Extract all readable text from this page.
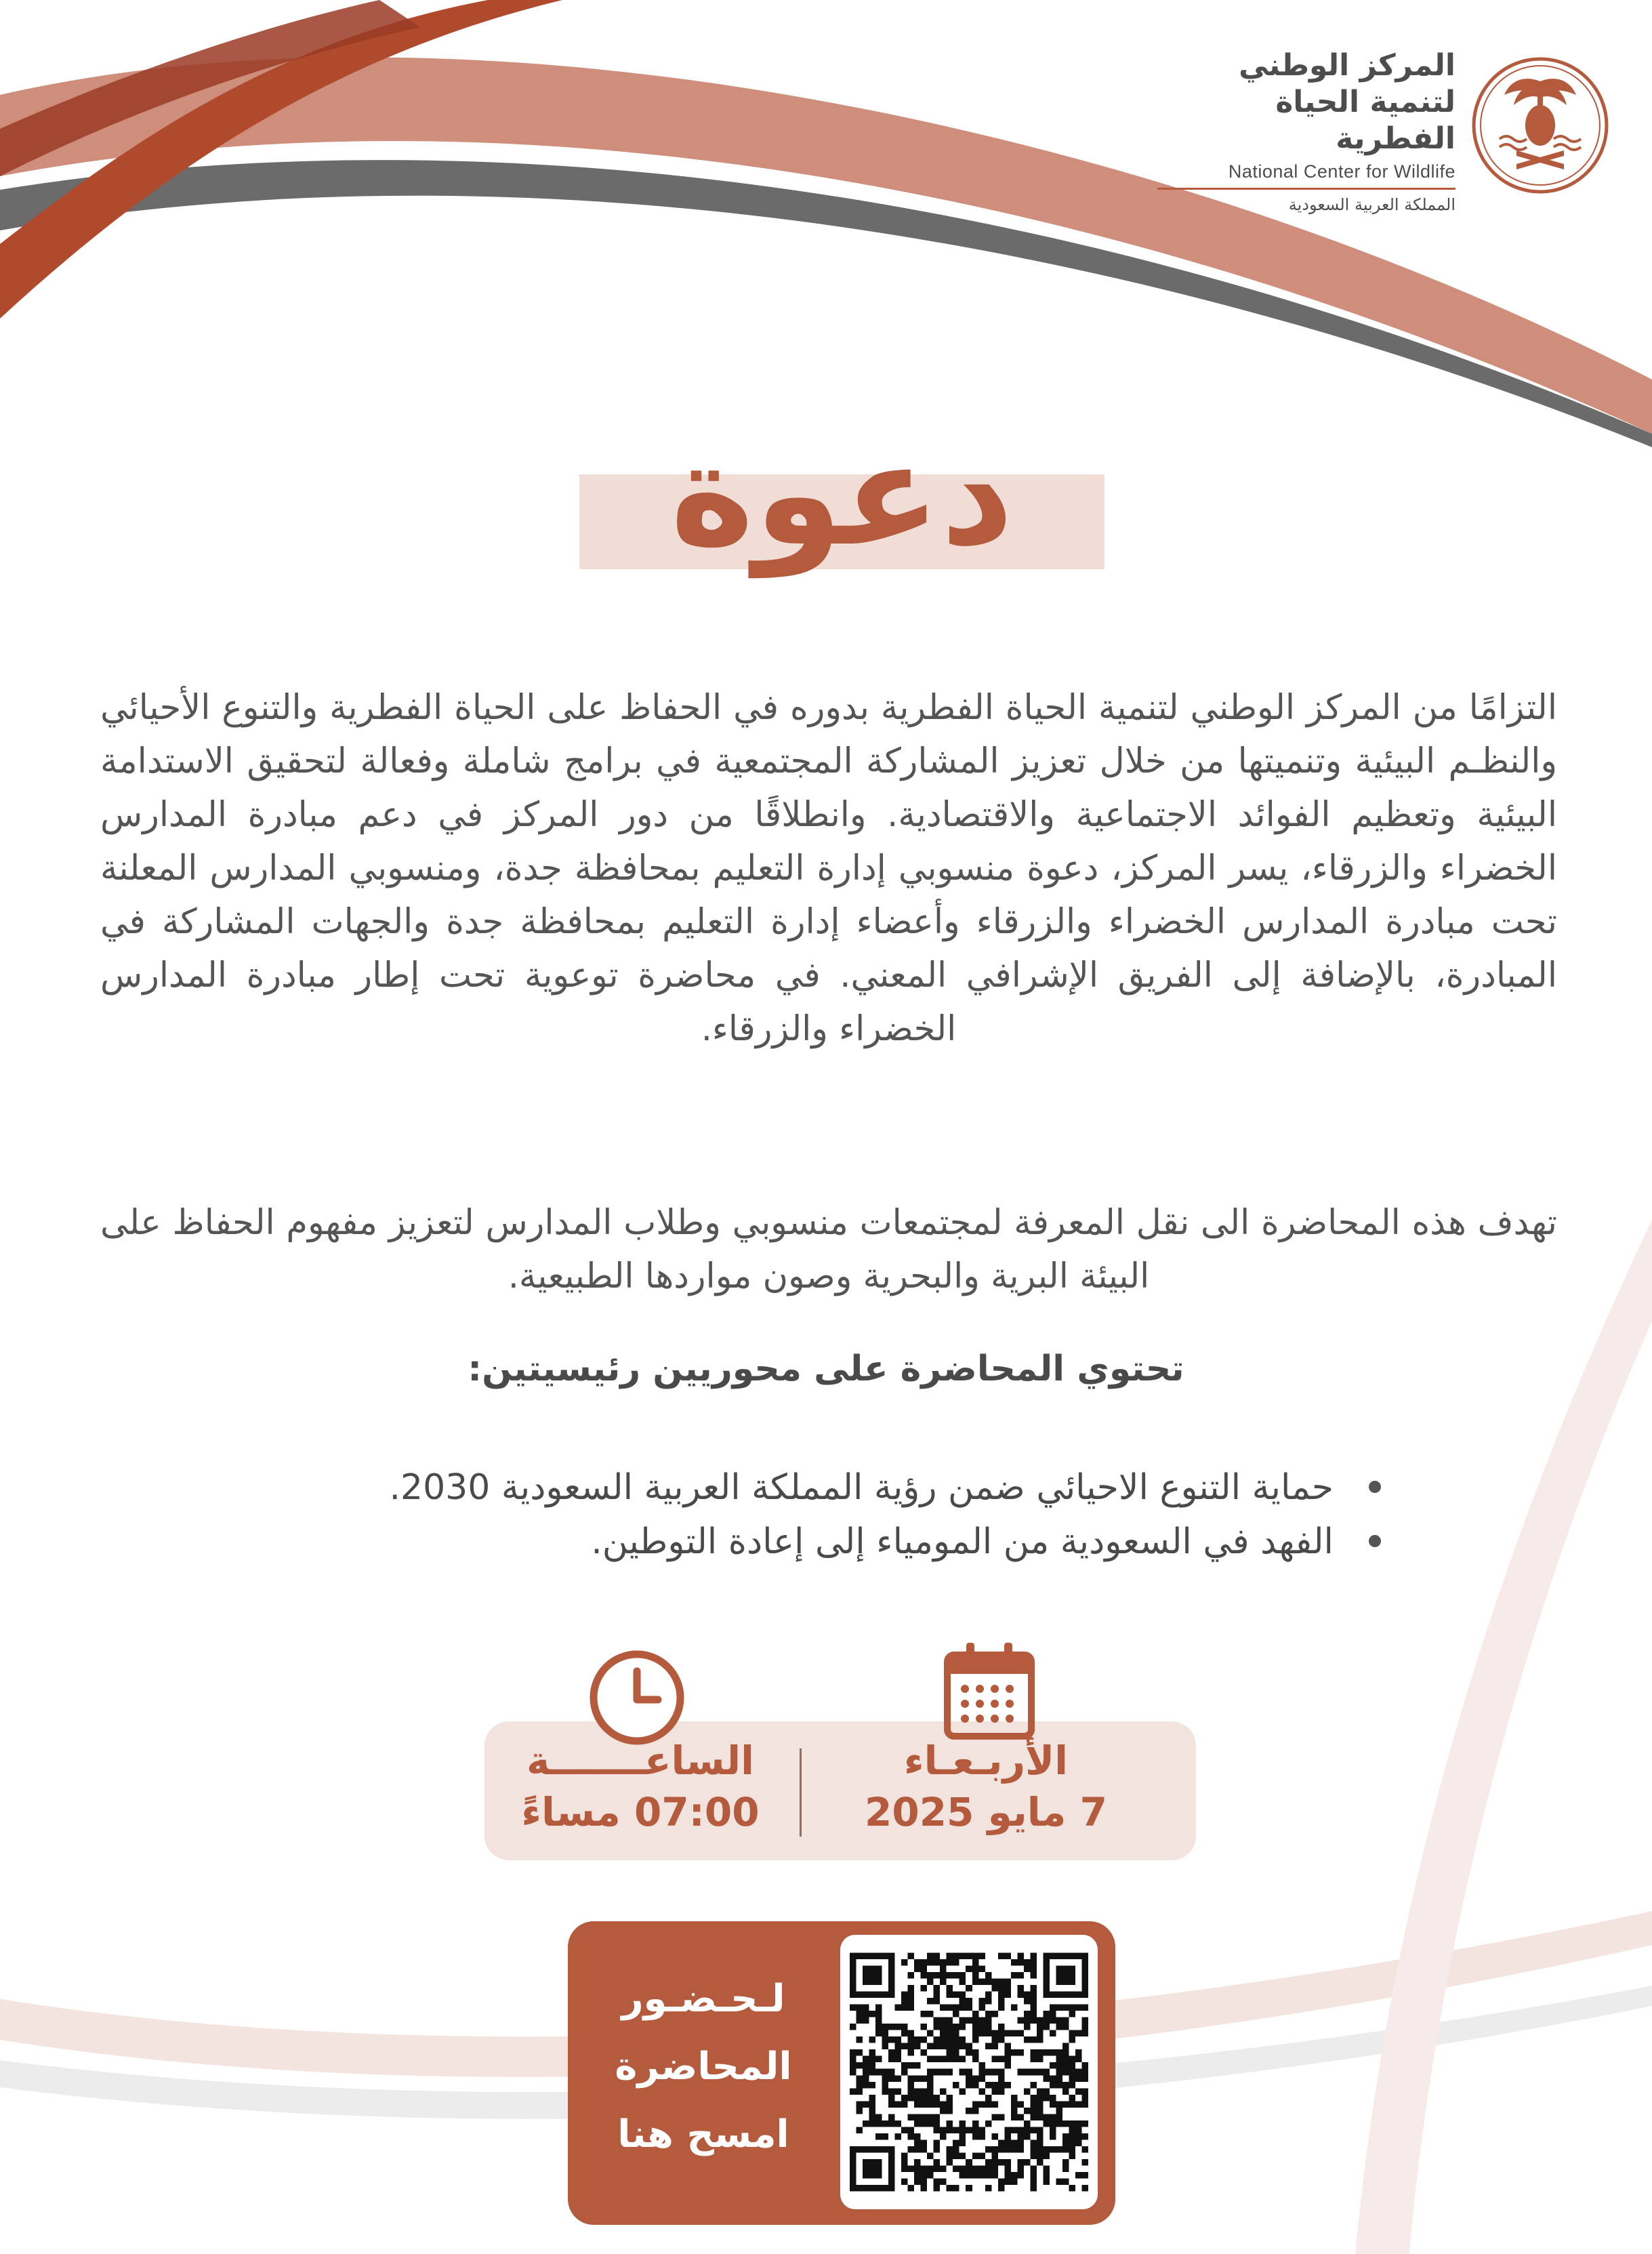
المركز الوطني
لتنمية الحياة الفطرية
National Center for Wildlife
المملكة العربية السعودية
دعوة
التزامًا من المركز الوطني لتنمية الحياة الفطرية بدوره في الحفاظ على الحياة الفطرية والتنوع الأحيائي والنظـم البيئية وتنميتها من خلال تعزيز المشاركة المجتمعية في برامج شاملة وفعالة لتحقيق الاستدامة البيئية وتعظيم الفوائد الاجتماعية والاقتصادية. وانطلاقًا من دور المركز في دعم مبادرة المدارس الخضراء والزرقاء، يسر المركز، دعوة منسوبي إدارة التعليم بمحافظة جدة، ومنسوبي المدارس المعلنة تحت مبادرة المدارس الخضراء والزرقاء وأعضاء إدارة التعليم بمحافظة جدة والجهات المشاركة في المبادرة، بالإضافة إلى الفريق الإشرافي المعني. في محاضرة توعوية تحت إطار مبادرة المدارس الخضراء والزرقاء.
تهدف هذه المحاضرة الى نقل المعرفة لمجتمعات منسوبي وطلاب المدارس لتعزيز مفهوم الحفاظ على البيئة البرية والبحرية وصون مواردها الطبيعية.
تحتوي المحاضرة على محوريين رئيسيتين:
حماية التنوع الاحيائي ضمن رؤية المملكة العربية السعودية 2030.
الفهد في السعودية من المومياء إلى إعادة التوطين.
الأربـعـاء
7 مايو 2025
الساعـــــــة
07:00 مساءً
لـحـضـور
المحاضرة
امسح هنا
